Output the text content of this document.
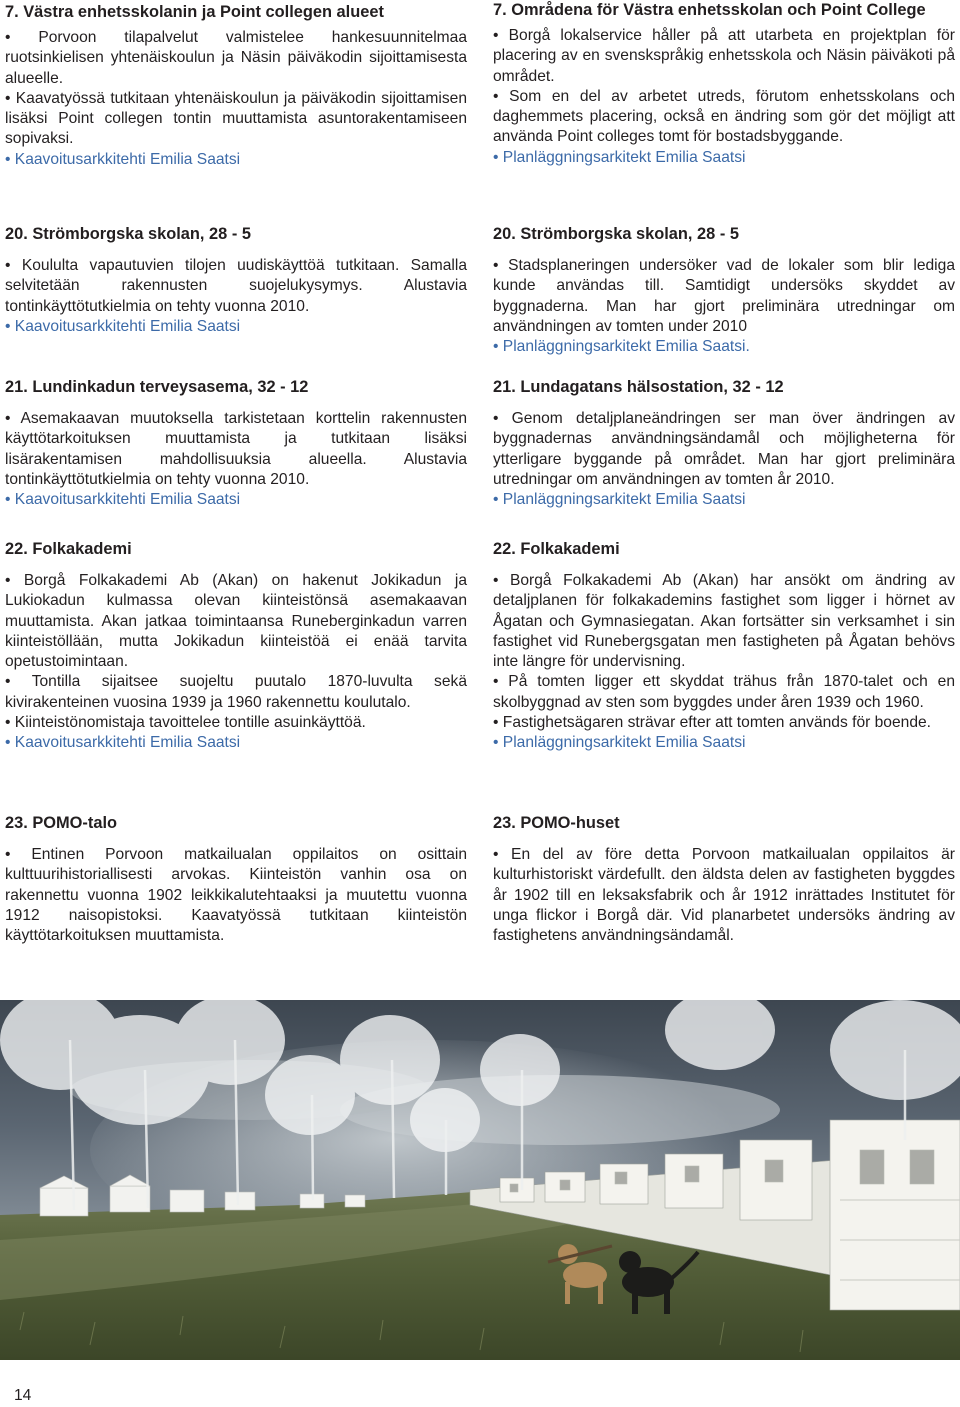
7. Västra enhetsskolanin ja Point collegen alueet

• Porvoon tilapalvelut valmistelee hankesuunnitelmaa ruotsinkielisen yhtenäiskoulun ja Näsin päiväkodin sijoittamisesta alueelle.

• Kaavatyössä tutkitaan yhtenäiskoulun ja päiväkodin sijoittamisen lisäksi Point collegen tontin muuttamista asuntorakentamiseen sopivaksi.

• Kaavoitusarkkitehti Emilia Saatsi

20. Strömborgska skolan, 28 - 5

• Koululta vapautuvien tilojen uudiskäyttöä tutkitaan. Samalla selvitetään rakennusten suojelukysymys. Alustavia tontinkäyttötutkielmia on tehty vuonna 2010.

• Kaavoitusarkkitehti Emilia Saatsi

21. Lundinkadun terveysasema, 32 - 12

• Asemakaavan muutoksella tarkistetaan korttelin rakennusten käyttötarkoituksen muuttamista ja tutkitaan lisäksi lisärakentamisen mahdollisuuksia alueella. Alustavia tontinkäyttötutkielmia on tehty vuonna 2010.

• Kaavoitusarkkitehti Emilia Saatsi

22. Folkakademi

• Borgå Folkakademi Ab (Akan) on hakenut Jokikadun ja Lukiokadun kulmassa olevan kiinteistönsä asemakaavan muuttamista. Akan jatkaa toimintaansa Runeberginkadun varren kiinteistöllään, mutta Jokikadun kiinteistöä ei enää tarvita opetustoimintaan.

• Tontilla sijaitsee suojeltu puutalo 1870-luvulta sekä kivirakenteinen vuosina 1939 ja 1960 rakennettu koulutalo.

• Kiinteistönomistaja tavoittelee tontille asuinkäyttöä.

• Kaavoitusarkkitehti Emilia Saatsi

23. POMO-talo

• Entinen Porvoon matkailualan oppilaitos on osittain kulttuurihistoriallisesti arvokas. Kiinteistön vanhin osa on rakennettu vuonna 1902 leikkikalutehtaaksi ja muutettu vuonna 1912 naisopistoksi. Kaavatyössä tutkitaan kiinteistön käyttötarkoituksen muuttamista.

7. Områdena för Västra enhetsskolan och Point College

• Borgå lokalservice håller på att utarbeta en projektplan för placering av en svenskspråkig enhetsskola och Näsin päiväkoti på området.

• Som en del av arbetet utreds, förutom enhetsskolans och daghemmets placering, också en ändring som gör det möjligt att använda Point colleges tomt för bostadsbyggande.

• Planläggningsarkitekt Emilia Saatsi

20. Strömborgska skolan, 28 - 5

• Stadsplaneringen undersöker vad de lokaler som blir lediga kunde användas till. Samtidigt undersöks skyddet av byggnaderna. Man har gjort preliminära utredningar om användningen av tomten under 2010

• Planläggningsarkitekt Emilia Saatsi.

21. Lundagatans hälsostation, 32 - 12

• Genom detaljplaneändringen ser man över ändringen av byggnadernas användningsändamål och möjligheterna för ytterligare byggande på området. Man har gjort preliminära utredningar om användningen av tomten år 2010.

• Planläggningsarkitekt Emilia Saatsi

22. Folkakademi

• Borgå Folkakademi Ab (Akan) har ansökt om ändring av detaljplanen för folkakademins fastighet som ligger i hörnet av Ågatan och Gymnasiegatan. Akan fortsätter sin verksamhet i sin fastighet vid Runebergsgatan men fastigheten på Ågatan behövs inte längre för undervisning.

• På tomten ligger ett skyddat trähus från 1870-talet och en skolbyggnad av sten som byggdes under åren 1939 och 1960.

• Fastighetsägaren strävar efter att tomten används för boende.

• Planläggningsarkitekt Emilia Saatsi

23. POMO-huset

• En del av före detta Porvoon matkailualan oppilaitos är kulturhistoriskt värdefullt. den äldsta delen av fastigheten byggdes år 1902 till en leksaksfabrik och år 1912 inrättades Institutet för unga flickor i Borgå där. Vid planarbetet undersöks ändring av fastighetens användningsändamål.

14
